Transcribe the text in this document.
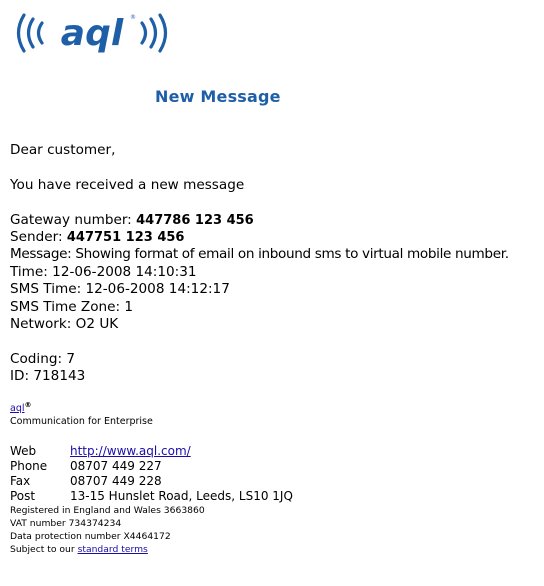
aql ®
New Message
Dear customer,
You have received a new message
Gateway number: 447786 123 456
Sender: 447751 123 456
Message: Showing format of email on inbound sms to virtual mobile number.
Time: 12-06-2008 14:10:31
SMS Time: 12-06-2008 14:12:17
SMS Time Zone: 1
Network: O2 UK
Coding: 7
ID: 718143
aql®
Communication for Enterprise
Web	http://www.aql.com/
Phone	08707 449 227
Fax	08707 449 228
Post	13-15 Hunslet Road, Leeds, LS10 1JQ
Registered in England and Wales 3663860
VAT number 734374234
Data protection number X4464172
Subject to our standard terms
